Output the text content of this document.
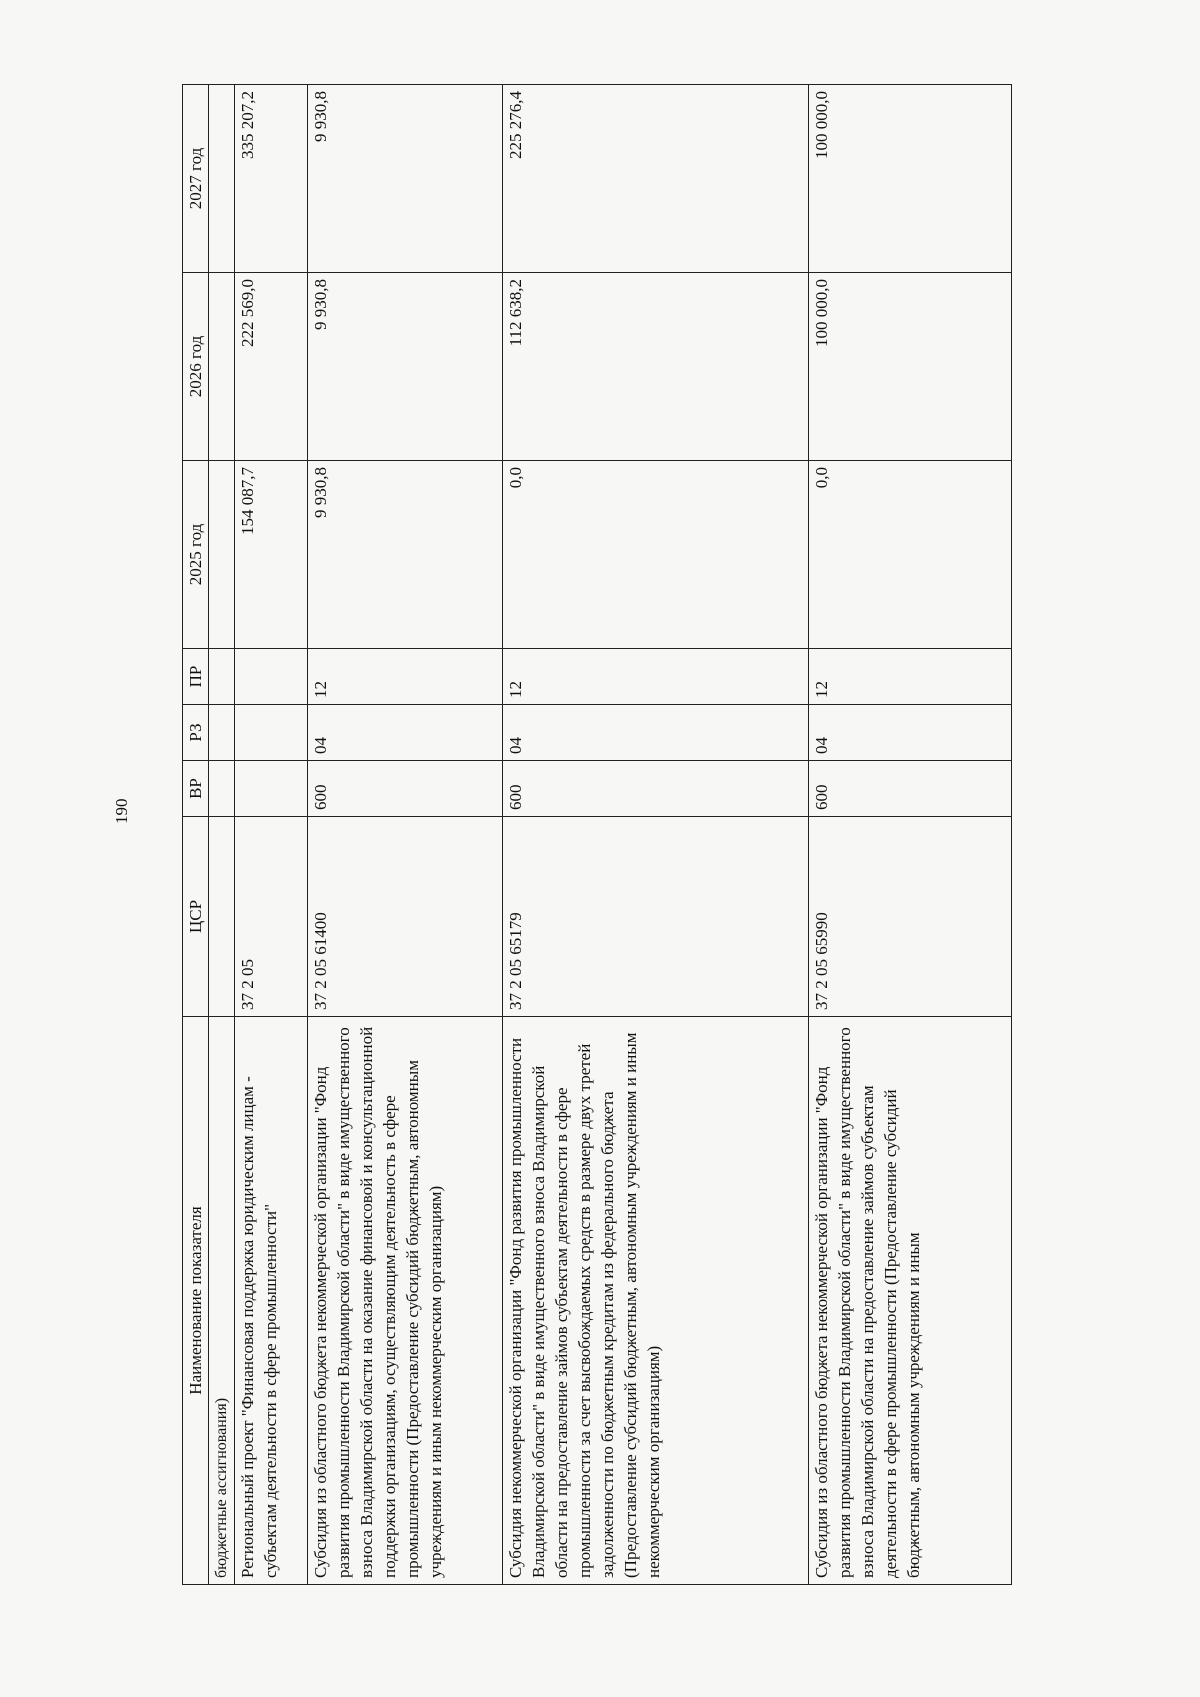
190
Наименование показателя	ЦСР	ВР	РЗ	ПР	2025 год	2026 год	2027 год
бюджетные ассигнования)							
Региональный проект "Финансовая поддержка юридическим лицам - субъектам деятельности в сфере промышленности"	37 2 05				154 087,7	222 569,0	335 207,2
Субсидия из областного бюджета некоммерческой организации "Фонд развития промышленности Владимирской области" в виде имущественного взноса Владимирской области на оказание финансовой и консультационной поддержки организациям, осуществляющим деятельность в сфере промышленности (Предоставление субсидий бюджетным, автономным учреждениям и иным некоммерческим организациям)	37 2 05 61400	600	04	12	9 930,8	9 930,8	9 930,8
Субсидия некоммерческой организации "Фонд развития промышленности Владимирской области" в виде имущественного взноса Владимирской области на предоставление займов субъектам деятельности в сфере промышленности за счет высвобождаемых средств в размере двух третей задолженности по бюджетным кредитам из федерального бюджета (Предоставление субсидий бюджетным, автономным учреждениям и иным некоммерческим организациям)	37 2 05 65179	600	04	12	0,0	112 638,2	225 276,4
Субсидия из областного бюджета некоммерческой организации "Фонд развития промышленности Владимирской области" в виде имущественного взноса Владимирской области на предоставление займов субъектам деятельности в сфере промышленности (Предоставление субсидий бюджетным, автономным учреждениям и иным	37 2 05 65990	600	04	12	0,0	100 000,0	100 000,0
